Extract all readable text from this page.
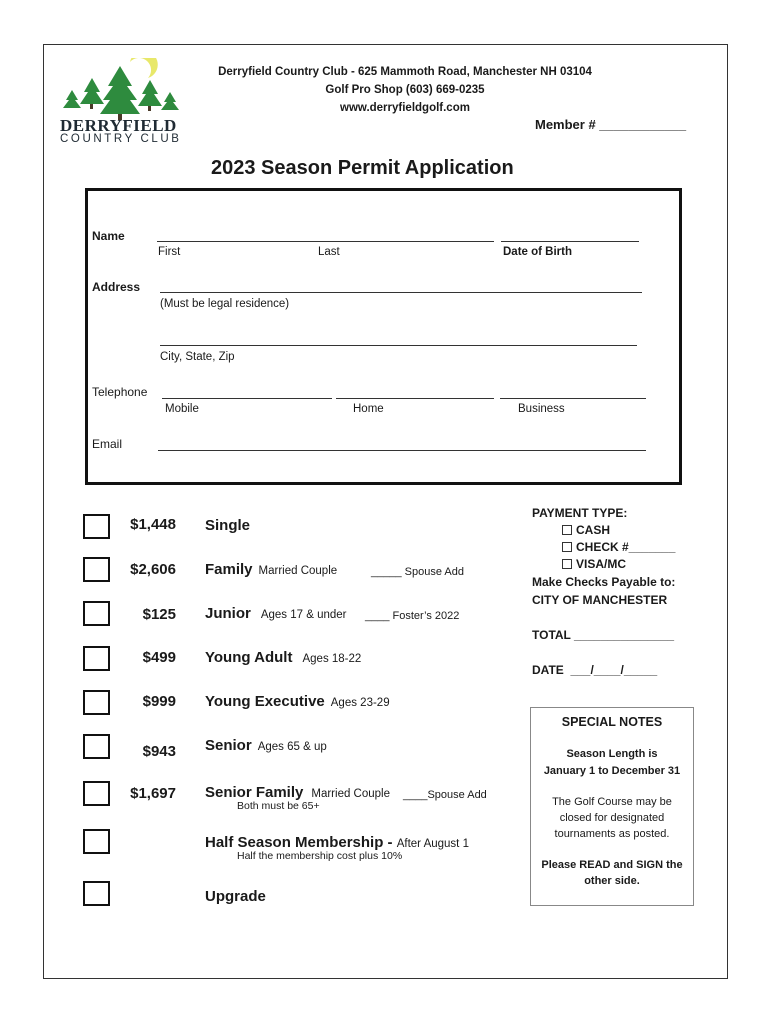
DERRYFIELD
COUNTRY CLUB
Derryfield Country Club - 625 Mammoth Road, Manchester NH 03104
Golf Pro Shop (603) 669-0235
www.derryfieldgolf.com
Member # ____________
2023 Season Permit Application
Name
First	Last	Date of Birth
Address
(Must be legal residence)
City, State, Zip
Telephone
Mobile	Home	Business
Email
$1,448 Single
$2,606 Family Married Couple	_____ Spouse Add
$125 Junior Ages 17 & under ____ Foster’s 2022
$499 Young Adult Ages 18-22
$999 Young Executive Ages 23-29
$943 Senior Ages 65 & up
$1,697 Senior Family Married Couple ____Spouse Add
Both must be 65+
Half Season Membership - After August 1
Half the membership cost plus 10%
Upgrade
PAYMENT TYPE:
CASH
CHECK #_______
VISA/MC
Make Checks Payable to:
CITY OF MANCHESTER
TOTAL _______________
DATE  ___/____/_____
SPECIAL NOTES
Season Length is
January 1 to December 31
The Golf Course may be
closed for designated
tournaments as posted.
Please READ and SIGN the
other side.
